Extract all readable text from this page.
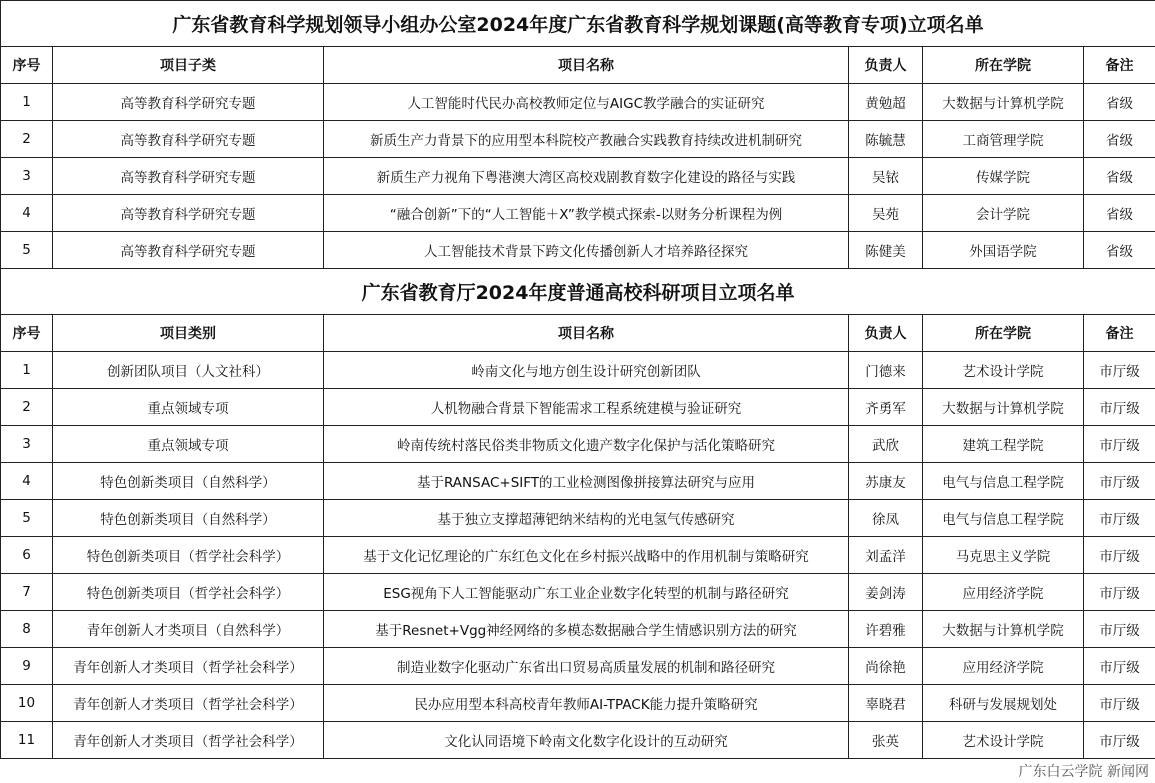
广东省教育科学规划领导小组办公室2024年度广东省教育科学规划课题(高等教育专项)立项名单					
序号	项目子类	项目名称	负责人	所在学院	备注
1	高等教育科学研究专题	人工智能时代民办高校教师定位与AIGC教学融合的实证研究	黄勉超	大数据与计算机学院	省级
2	高等教育科学研究专题	新质生产力背景下的应用型本科院校产教融合实践教育持续改进机制研究	陈毓慧	工商管理学院	省级
3	高等教育科学研究专题	新质生产力视角下粤港澳大湾区高校戏剧教育数字化建设的路径与实践	吴铱	传媒学院	省级
4	高等教育科学研究专题	“融合创新”下的“人工智能＋X”教学模式探索-以财务分析课程为例	吴苑	会计学院	省级
5	高等教育科学研究专题	人工智能技术背景下跨文化传播创新人才培养路径探究	陈健美	外国语学院	省级
广东省教育厅2024年度普通高校科研项目立项名单					
序号	项目类别	项目名称	负责人	所在学院	备注
1	创新团队项目（人文社科）	岭南文化与地方创生设计研究创新团队	门德来	艺术设计学院	市厅级
2	重点领域专项	人机物融合背景下智能需求工程系统建模与验证研究	齐勇军	大数据与计算机学院	市厅级
3	重点领域专项	岭南传统村落民俗类非物质文化遗产数字化保护与活化策略研究	武欣	建筑工程学院	市厅级
4	特色创新类项目（自然科学）	基于RANSAC+SIFT的工业检测图像拼接算法研究与应用	苏康友	电气与信息工程学院	市厅级
5	特色创新类项目（自然科学）	基于独立支撑超薄钯纳米结构的光电氢气传感研究	徐凤	电气与信息工程学院	市厅级
6	特色创新类项目（哲学社会科学）	基于文化记忆理论的广东红色文化在乡村振兴战略中的作用机制与策略研究	刘孟洋	马克思主义学院	市厅级
7	特色创新类项目（哲学社会科学）	ESG视角下人工智能驱动广东工业企业数字化转型的机制与路径研究	姜剑涛	应用经济学院	市厅级
8	青年创新人才类项目（自然科学）	基于Resnet+Vgg神经网络的多模态数据融合学生情感识别方法的研究	许碧雅	大数据与计算机学院	市厅级
9	青年创新人才类项目（哲学社会科学）	制造业数字化驱动广东省出口贸易高质量发展的机制和路径研究	尚徐艳	应用经济学院	市厅级
10	青年创新人才类项目（哲学社会科学）	民办应用型本科高校青年教师AI-TPACK能力提升策略研究	辜晓君	科研与发展规划处	市厅级
11	青年创新人才类项目（哲学社会科学）	文化认同语境下岭南文化数字化设计的互动研究	张英	艺术设计学院	市厅级
广东白云学院 新闻网
